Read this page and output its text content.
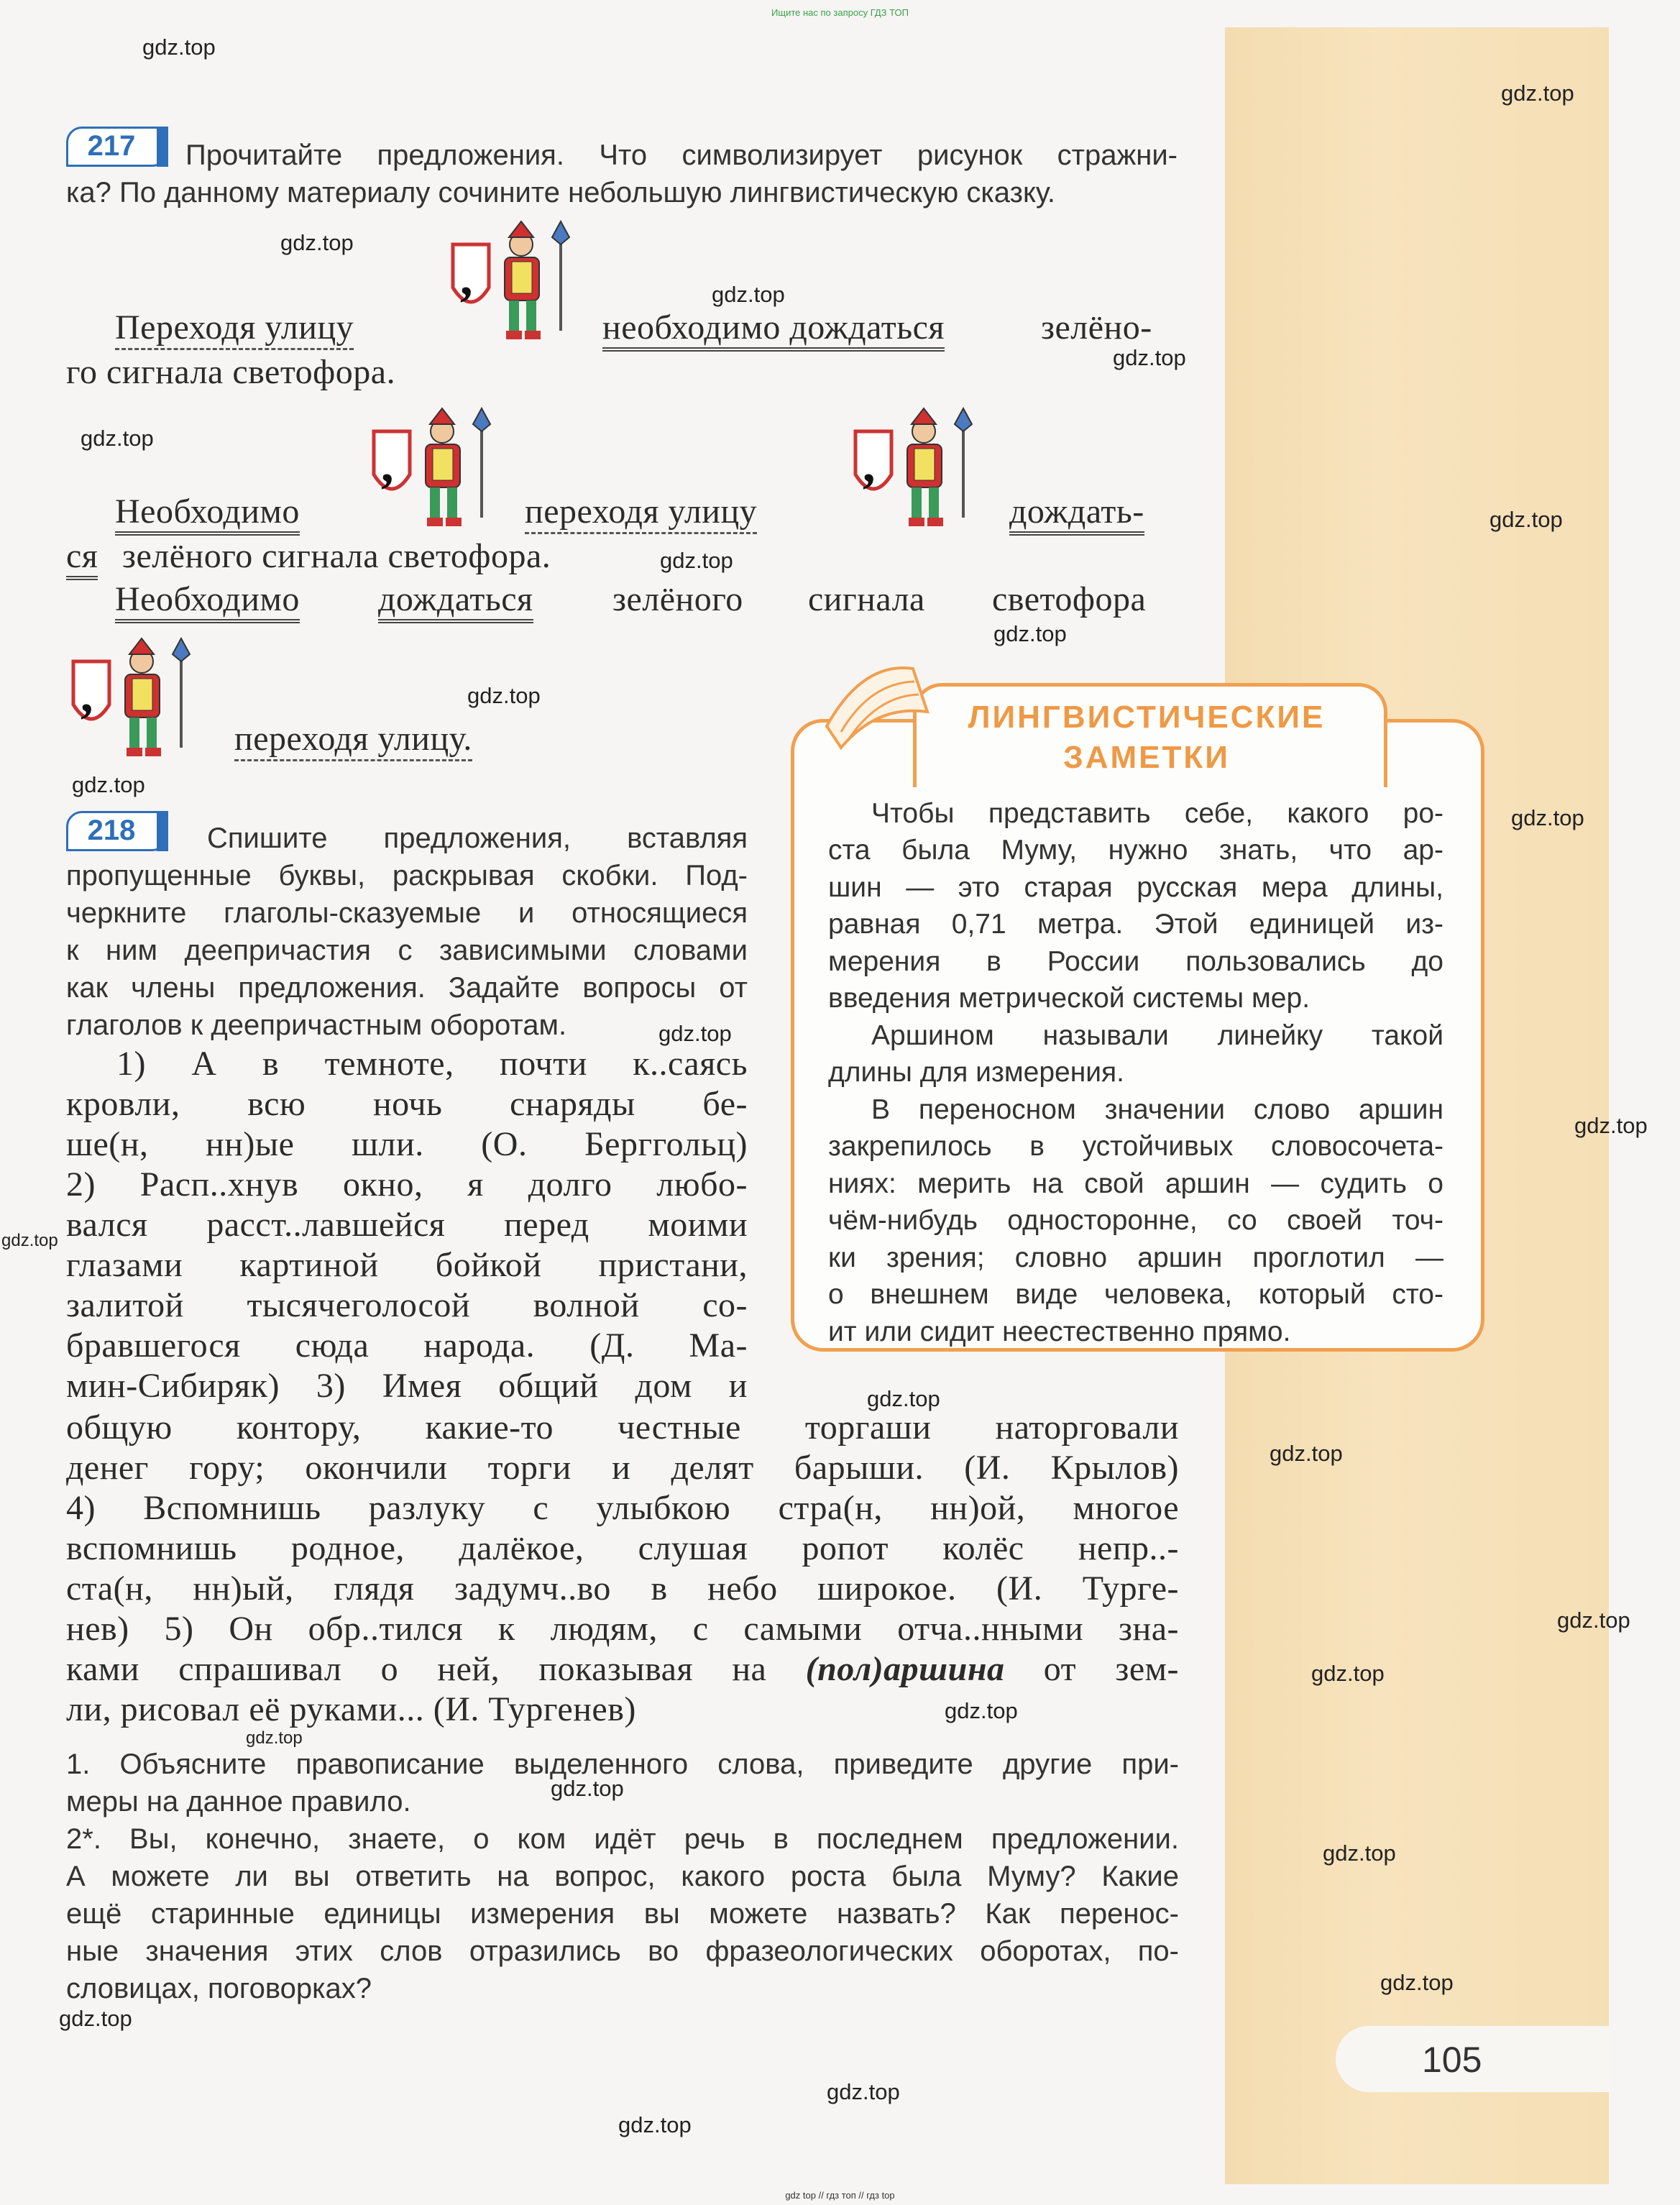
Ищите нас по запросу ГДЗ ТОП
gdz.top
gdz.top
gdz.top
gdz.top
gdz.top
gdz.top
gdz.top
gdz.top
gdz.top
gdz.top
gdz.top
gdz.top
gdz.top
gdz.top
gdz.top
gdz.top
gdz.top
gdz.top
gdz.top
gdz.top
gdz.top
gdz.top
gdz.top
gdz.top
gdz.top
gdz.top
gdz.top
217	Прочитайте предложения. Что символизирует рисунок стражни-
ка? По данному материалу сочините небольшую лингвистическую сказку.
,
,	,
,
Переходя улицу	необходимо дождаться	зелёно-
го сигнала светофора.
Необходимо	переходя улицу	дождать-
ся зелёного сигнала светофора.
Необходимо дождаться зелёного сигнала светофора
переходя улицу.
218	Спишите предложения, вставляя
пропущенные буквы, раскрывая скобки. Под-
черкните глаголы-сказуемые и относящиеся
к ним деепричастия с зависимыми словами
как члены предложения. Задайте вопросы от
глаголов к деепричастным оборотам.
1) А в темноте, почти к..саясь
кровли, всю ночь снаряды бе-
ше(н, нн)ые шли. (О. Берггольц)
2) Расп..хнув окно, я долго любо-
вался расст..лавшейся перед моими
глазами картиной бойкой пристани,
залитой тысячеголосой волной со-
бравшегося сюда народа. (Д. Ма-
мин-Сибиряк) 3) Имея общий дом и
общую контору, какие-то честные торгаши наторговали
денег гору; окончили торги и делят барыши. (И. Крылов)
4) Вспомнишь разлуку с улыбкою стра(н, нн)ой, многое
вспомнишь родное, далёкое, слушая ропот колёс непр..-
ста(н, нн)ый, глядя задумч..во в небо широкое. (И. Турге-
нев) 5) Он обр..тился к людям, с самыми отча..нными зна-
ками спрашивал о ней, показывая на (пол)аршина от зем-
ли, рисовал её руками... (И. Тургенев)
1. Объясните правописание выделенного слова, приведите другие при-
меры на данное правило.
2*. Вы, конечно, знаете, о ком идёт речь в последнем предложении.
А можете ли вы ответить на вопрос, какого роста была Муму? Какие
ещё старинные единицы измерения вы можете назвать? Как перенос-
ные значения этих слов отразились во фразеологических оборотах, по-
словицах, поговорках?
ЛИНГВИСТИЧЕСКИЕ
ЗАМЕТКИ
Чтобы представить себе, какого ро-
ста была Муму, нужно знать, что ар-
шин — это старая русская мера длины,
равная 0,71 метра. Этой единицей из-
мерения в России пользовались до
введения метрической системы мер.
Аршином называли линейку такой
длины для измерения.
В переносном значении слово аршин
закрепилось в устойчивых словосочета-
ниях: мерить на свой аршин — судить о
чём-нибудь односторонне, со своей точ-
ки зрения; словно аршин проглотил —
о внешнем виде человека, который сто-
ит или сидит неестественно прямо.
105
gdz top // гдз топ // гдз top
